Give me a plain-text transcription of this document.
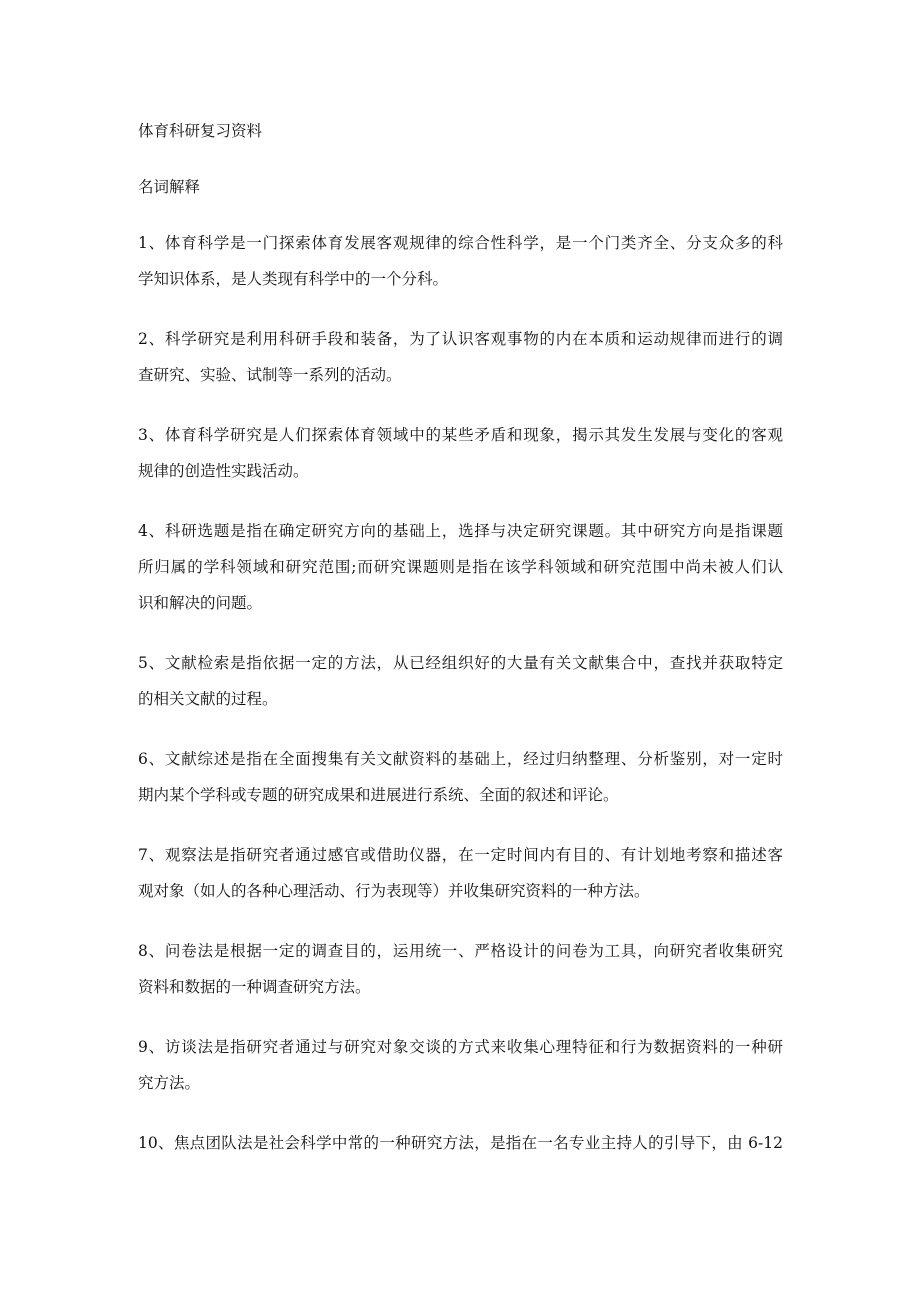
体育科研复习资料
名词解释
1、体育科学是一门探索体育发展客观规律的综合性科学，是一个门类齐全、分支众多的科
学知识体系，是人类现有科学中的一个分科。
2、科学研究是利用科研手段和装备，为了认识客观事物的内在本质和运动规律而进行的调
查研究、实验、试制等一系列的活动。
3、体育科学研究是人们探索体育领域中的某些矛盾和现象，揭示其发生发展与变化的客观
规律的创造性实践活动。
4、科研选题是指在确定研究方向的基础上，选择与决定研究课题。其中研究方向是指课题
所归属的学科领域和研究范围;而研究课题则是指在该学科领域和研究范围中尚未被人们认
识和解决的问题。
5、文献检索是指依据一定的方法，从已经组织好的大量有关文献集合中，查找并获取特定
的相关文献的过程。
6、文献综述是指在全面搜集有关文献资料的基础上，经过归纳整理、分析鉴别，对一定时
期内某个学科或专题的研究成果和进展进行系统、全面的叙述和评论。
7、观察法是指研究者通过感官或借助仪器，在一定时间内有目的、有计划地考察和描述客
观对象（如人的各种心理活动、行为表现等）并收集研究资料的一种方法。
8、问卷法是根据一定的调查目的，运用统一、严格设计的问卷为工具，向研究者收集研究
资料和数据的一种调查研究方法。
9、访谈法是指研究者通过与研究对象交谈的方式来收集心理特征和行为数据资料的一种研
究方法。
10、焦点团队法是社会科学中常的一种研究方法，是指在一名专业主持人的引导下，由 6-12
